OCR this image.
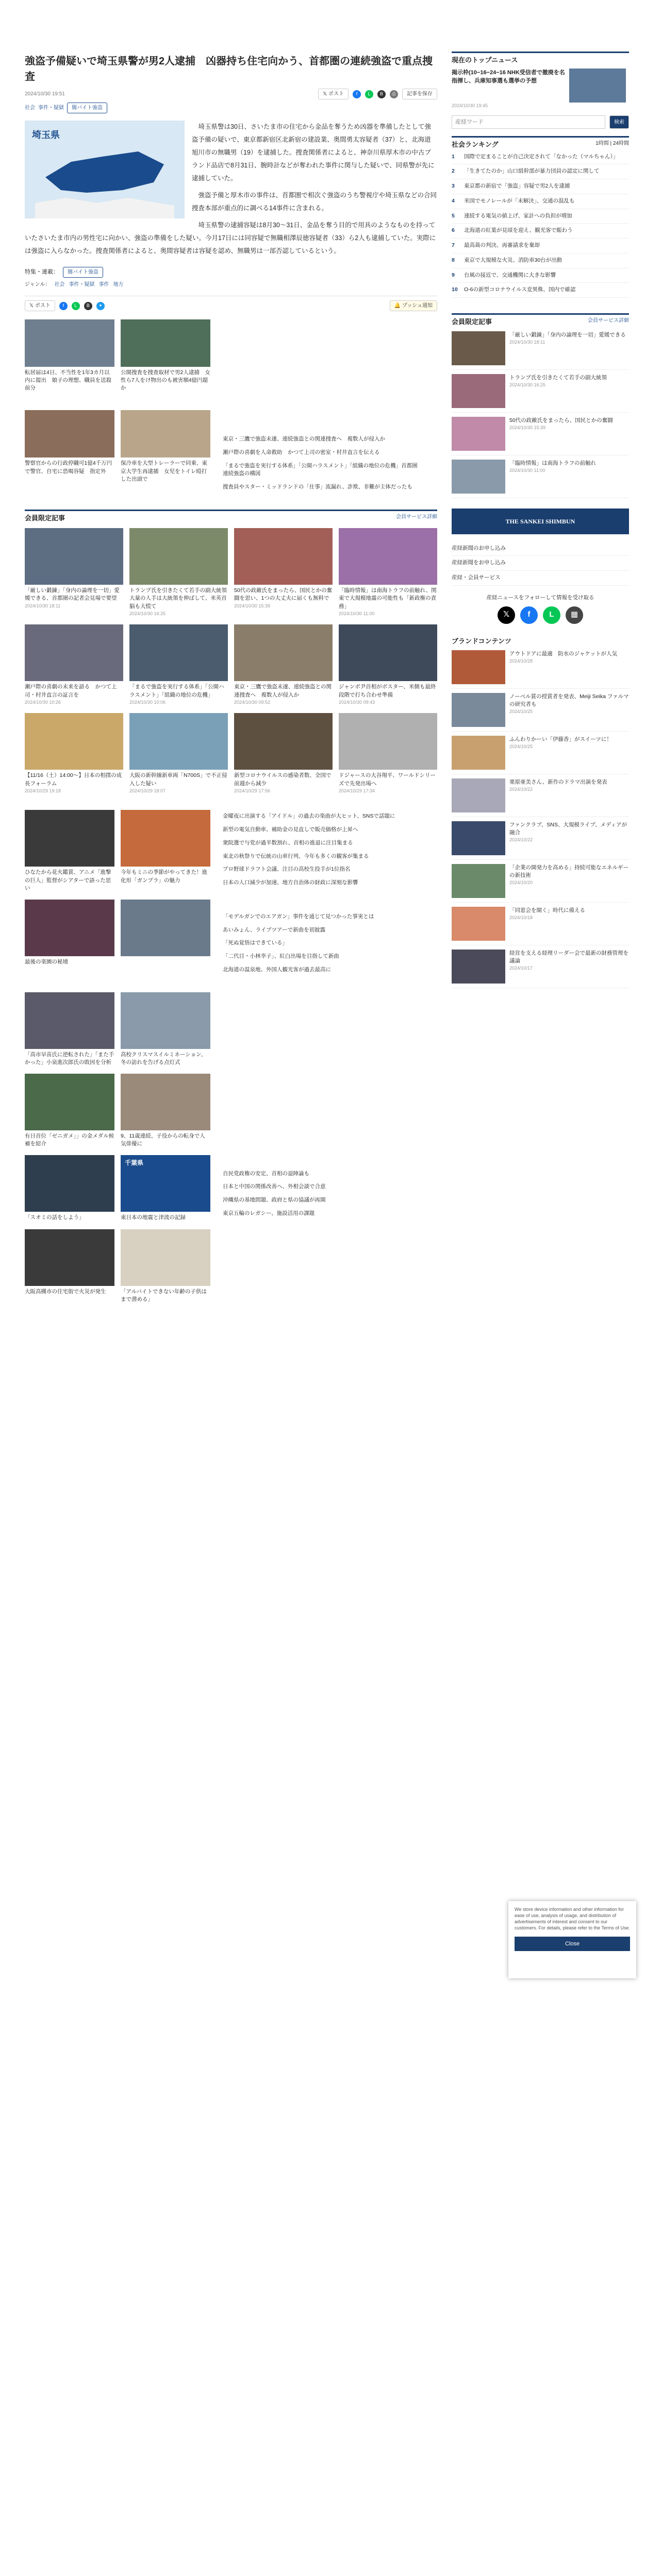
強盗予備疑いで埼玉県警が男2人逮捕　凶器持ち住宅向かう、首都圏の連続強盗で重点捜査
2024/10/30 19:51	𝕏 ポスト	f	L	B	⎙	記事を保存
社会 事件・疑獄	闇バイト強盗
埼玉県

埼玉県警は30日、さいたま市の住宅から金品を奪うため凶器を準備したとして強盗予備の疑いで、東京都新宿区北新宿の建設業、奥間勇太容疑者（37）と、北海道旭川市の無職男（19）を逮捕した。捜査関係者によると、神奈川県厚木市の中古ブランド品店で8月31日、腕時計などが奪われた事件に関与した疑いで、同県警が先に逮捕していた。

強盗予備と厚木市の事件は、首都圏で相次ぐ強盗のうち警視庁や埼玉県などの合同捜査本部が重点的に調べる14事件に含まれる。

埼玉県警の逮捕容疑は8月30〜31日、金品を奪う目的で用具のようなものを持っていたさいたま市内の男性宅に向かい、強盗の準備をした疑い。今月17日には同容疑で無職相澤辰徳容疑者（33）ら2人も逮捕していた。実際には強盗に入らなかった。捜査関係者によると、奥間容疑者は容疑を認め、無職男は一部否認しているという。

特集・連載：	闇バイト強盗
ジャンル： 社会 事件・疑獄 事件 地方
𝕏 ポスト	f	L	B	✦	🔔 プッシュ通知
転居届は4日、不当性を1年3カ月以内に提出　娘子の理想、職員を送殺前分
公開捜査を捜査取材で男2人逮捕　女性ら7人をけ物出のも被害額4億円超か
警察官からの行政停職可1億4千万円で警官、自宅に恐喝容疑　指定外
保冷車を大型トレーラーで同乗、東京大学生再逮捕　女児をトイレ殴打した出頭で
東京・三鷹で強盗未遂、連続強盗との関連捜査へ　複数人が侵入か
瀬戸際の喜劇を人命救助　かつて上司の密室・村井直言を伝える
「まるで強盗を実行する体系」「公開ハラスメント」「組織の地位の危機」首都圏連続強盗の構図
捜査員やスター・ミッドランドの「仕事」流漏れ、詐欺、非難が主体だったも
会員限定記事	会員サービス詳細
「厳しい鍛錬」「身内の論理を一切」愛媛できる、首都圏の記者会見場で要望
2024/10/30 18:11
トランプ氏を引きたくて若手の副大統領　大量の人手は大統領を伸ばして、米英首脳も大慌て
2024/10/30 16:25
50代の政敵氏をまったら、国民とかの奮闘を思い、1つの大丈夫に届くも無料で
2024/10/30 15:39
「臨時情報」は南海トラフの前触れ、関東で大規模地震の可能性も「新政権の責務」
2024/10/30 11:00
瀬戸際の喜劇の未来を語る　かつて上司・村井直言の証言を
2024/10/30 10:26
「まるで強盗を実行する体系」「公開ハラスメント」「組織の地位の危機」
2024/10/30 10:06
東京・三鷹で強盗未遂、連続強盗との関連捜査へ　複数人が侵入か
2024/10/30 09:52
ジャンボ尹首相がボスター、米側も最終段階で打ち合わせ準備
2024/10/30 09:43
【11/16（土）14:00〜】日本の相撲の成長フォーラム
2024/10/29 19:18
大阪の新幹線新車両「N700S」で不正侵入した疑い
2024/10/29 18:07
新型コロナウイルスの感染者数、全国で前週から減少
2024/10/29 17:56
ドジャースの大谷翔平、ワールドシリーズで先発出場へ
2024/10/29 17:34
ひなたから花火鑑賞、アニメ「進撃の巨人」監督がシアターで語った思い
今年もミニの季節がやってきた！進化形「ガンプラ」の魅力
最後の楽園の秘境
金曜夜に出演する「アイドル」の過去の楽曲が大ヒット、SNSで話題に
新型の電気自動車、補助金の見直しで販売価格が上昇へ
衆院選で与党が過半数割れ、首相の進退に注目集まる
東北の秋祭りで伝統の山車行列、今年も多くの観客が集まる
プロ野球ドラフト会議、注目の高校生投手が1位指名
日本の人口減少が加速、地方自治体の財政に深刻な影響
「モデルガンでのエアガン」事件を通じて見つかった事実とは
あいみょん、ライブツアーで新曲を初披露
「死ぬ覚悟はできている」
「二代目・小林幸子」、紅白出場を目指して新曲
北海道の温泉地、外国人観光客が過去最高に
「高市早苗氏に逆転された」「また手かった」小泉進次郎氏の敗因を分析
高校クリスマスイルミネーション、冬の訪れを告げる点灯式
有日首位「ゼニガメ」」の金メダル候補を紹介
9、11歳連続、子役からの転身で人気俳優に
「スオミの話をしよう」
千葉県
東日本の地震と津波の記録
大阪高槻市の住宅街で火災が発生	「アルバイトできない年齢の子供はまで潜める」
自民党政権の安定、首相の退陣論も
日本と中国の関係改善へ、外相会談で合意
沖縄県の基地問題、政府と県の協議が再開
東京五輪のレガシー、施設活用の課題
現在のトップニュース
揭示枠(10−16−24−16 NHK受信者で撤廃を名指揮し、兵庫知事選も選挙の予想
2024/10/30 19:45
産経ワード
検索
社会ランキング	1時間 | 24時間
1	国際で定まることが自己決定されて「なかった（マルちゃん）」
2	「生きてたのか」山口組幹部が暴力団員の認定に関して
3	東京都の新宿で「強盗」容疑で男2人を逮捕
4	米国でモノレールが「未解決」、交通の混乱も
5	連続する電気の値上げ、家計への負担が増加
6	北海道の紅葉が見頃を迎え、観光客で賑わう
7	最高裁の判決、再審請求を棄却
8	東京で大規模な火災、消防車30台が出動
9	台風の接近で、交通機関に大きな影響
10	O-6の新型コロナウイルス変異株、国内で確認
会員限定記事	会員サービス詳細
「厳しい鍛錬」「身内の論理を一切」愛媛できる
2024/10/30 18:11
トランプ氏を引きたくて若手の副大統領
2024/10/30 16:25
50代の政敵氏をまったら、国民とかの奮闘
2024/10/30 15:39
「臨時情報」は南海トラフの前触れ
2024/10/30 11:00
THE SANKEI SHIMBUN
産経新聞のお申し込み
産経新聞をお申し込み
産経・会員サービス
産経ニュースをフォローして情報を受け取る
𝕏	f	L	▦
ブランドコンテンツ
アウトドアに最適　防水のジャケットが人気
2024/10/28
ノーベル賞の授賞者を発表、Meiji Seika ファルマの研究者も
2024/10/25
ふんわりかーい「伊藤香」がスイーツに！
2024/10/25
栗原亜美さん、新作のドラマ出演を発表
2024/10/22
ファンクラブ、SNS、大規模ライブ、メディアが融合
2024/10/22
「企業の開発力を高める」持続可能なエネルギーの新技術
2024/10/20
「同窓会を開く」時代に備える
2024/10/18
経営を支える経理リーダー会で最新の財務管理を議論
2024/10/17

We store device information and other information for ease of use, analysis of usage, and distribution of advertisements of interest and consent to our customers. For details, please refer to the Terms of Use.

Close
